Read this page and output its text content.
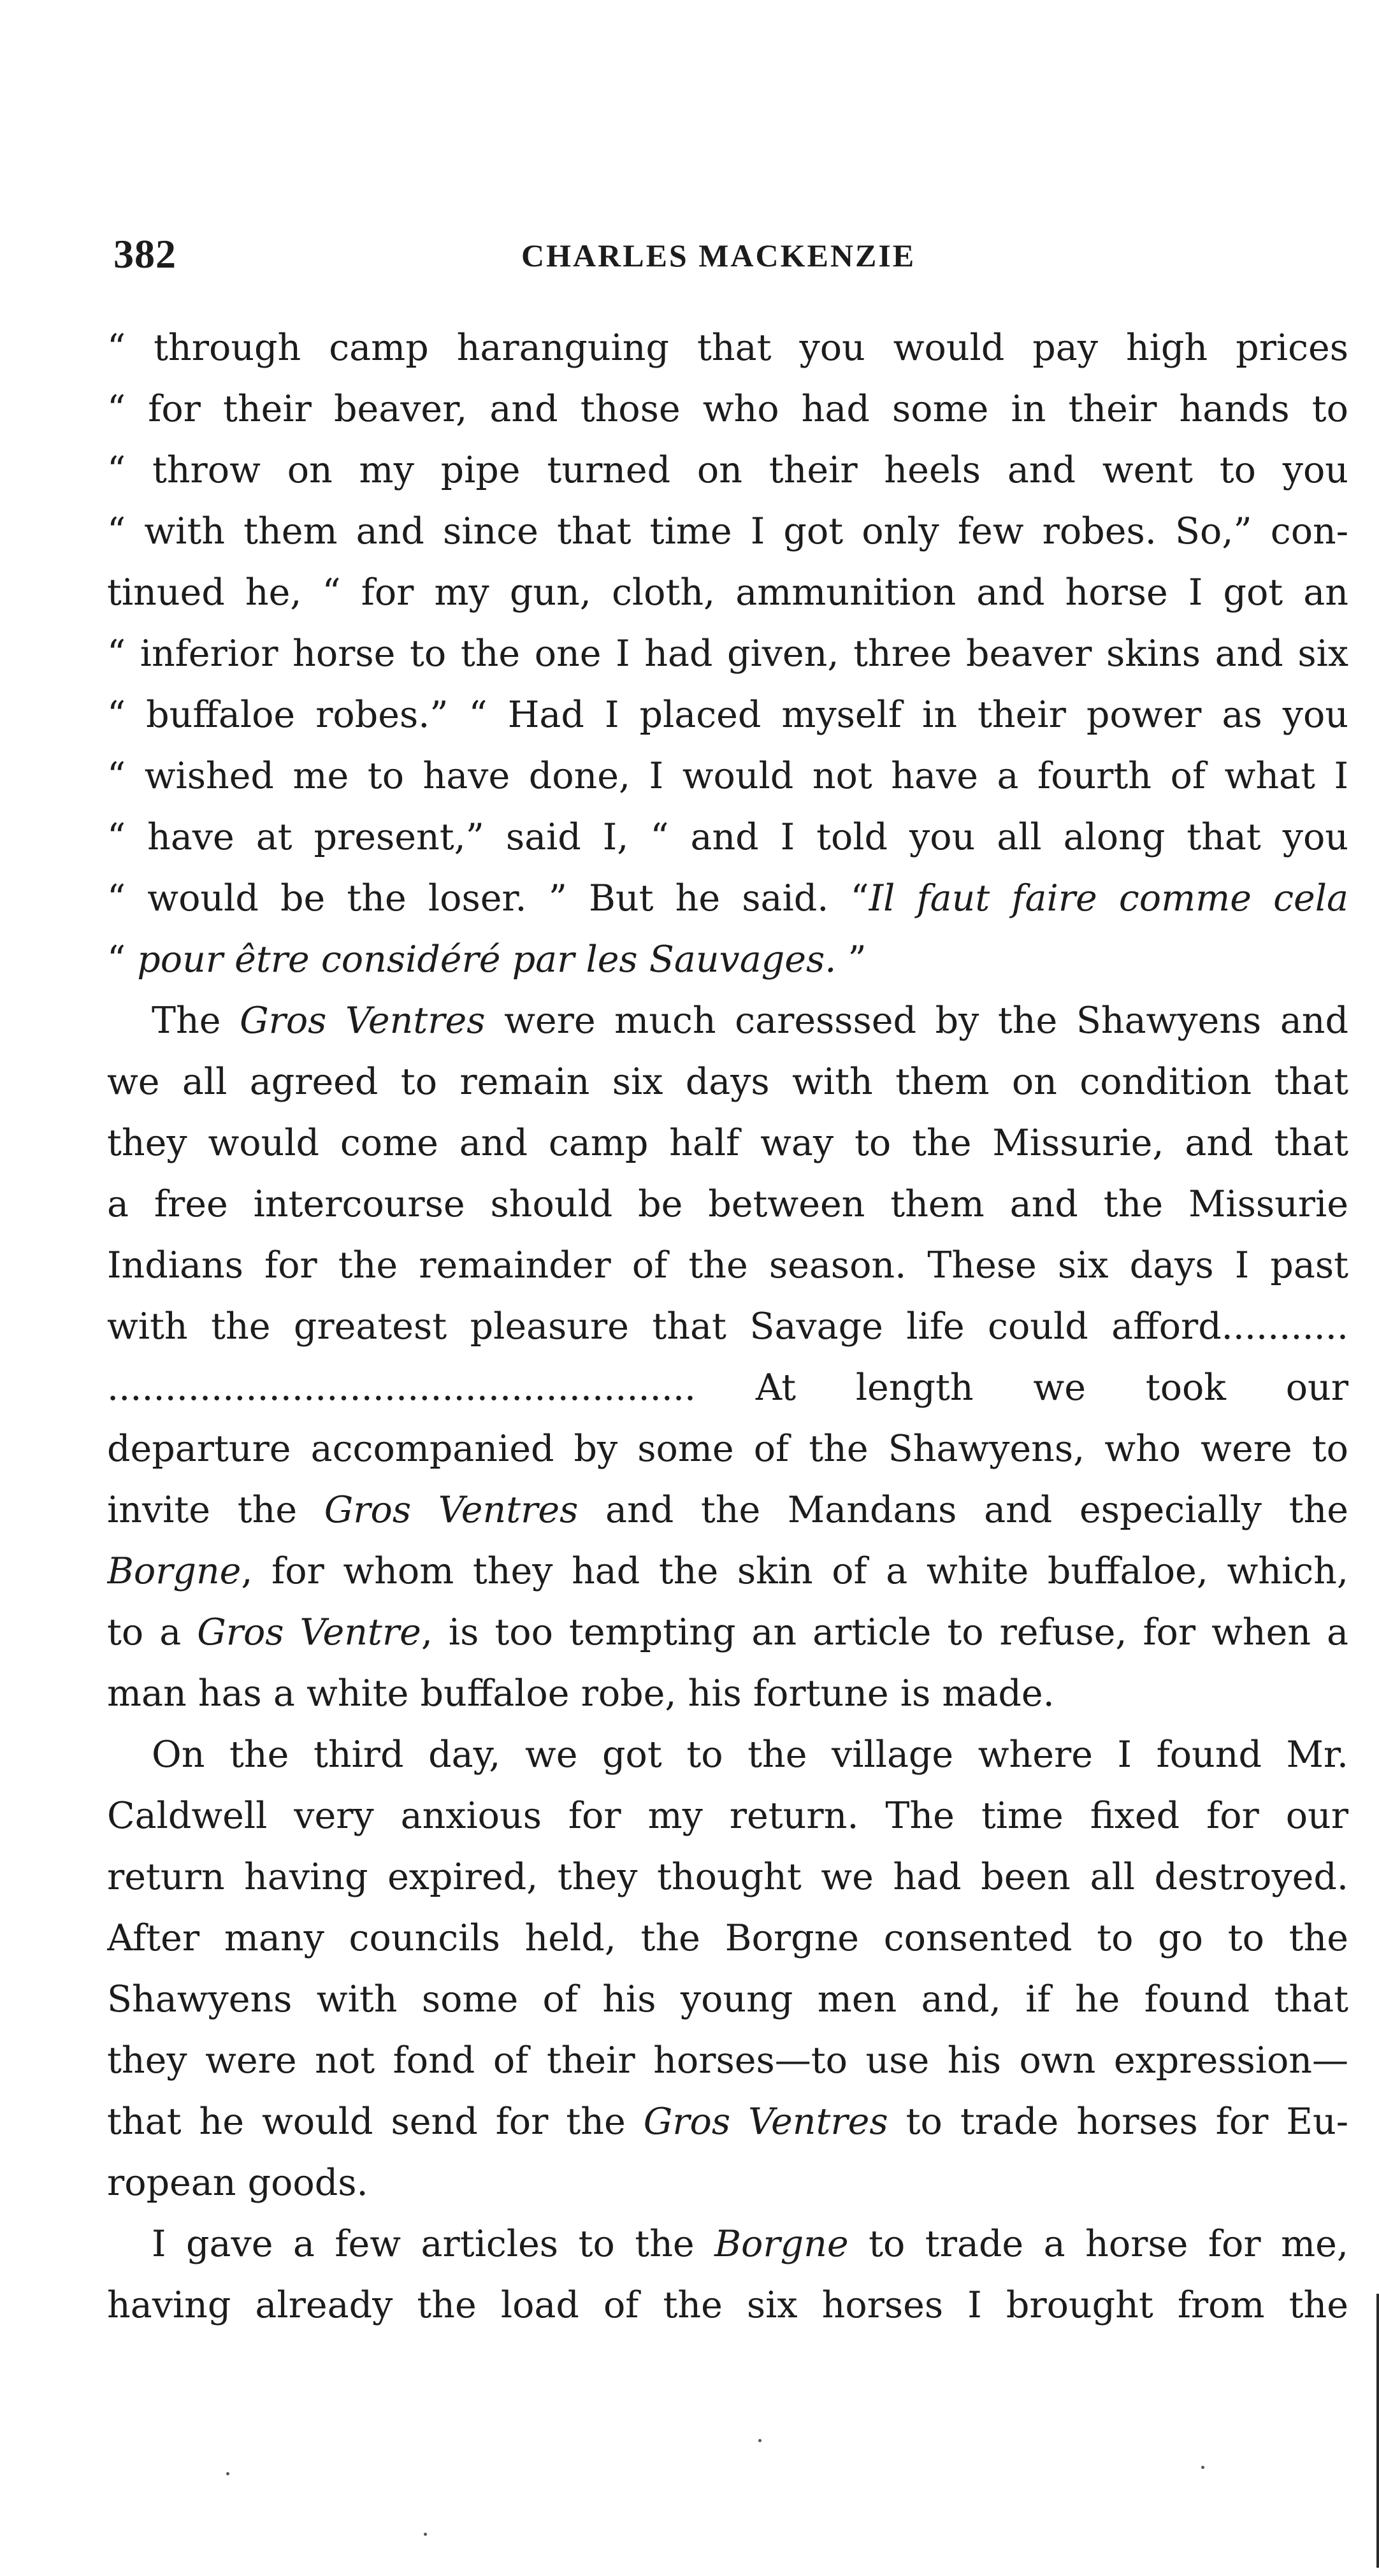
382	CHARLES MACKENZIE
“ through camp haranguing that you would pay high prices
“ for their beaver, and those who had some in their hands to
“ throw on my pipe turned on their heels and went to you
“ with them and since that time I got only few robes. So,” con-
tinued he, “ for my gun, cloth, ammunition and horse I got an
“ inferior horse to the one I had given, three beaver skins and six
“ buffaloe robes.” “ Had I placed myself in their power as you
“ wished me to have done, I would not have a fourth of what I
“ have at present,” said I, “ and I told you all along that you
“ would be the loser. ” But he said. “Il faut faire comme cela
“ pour être considéré par les Sauvages. ”
The Gros Ventres were much caresssed by the Shawyens and
we all agreed to remain six days with them on condition that
they would come and camp half way to the Missurie, and that
a free intercourse should be between them and the Missurie
Indians for the remainder of the season. These six days I past
with the greatest pleasure that Savage life could afford...........
................................................... At length we took our
departure accompanied by some of the Shawyens, who were to
invite the Gros Ventres and the Mandans and especially the
Borgne, for whom they had the skin of a white buffaloe, which,
to a Gros Ventre, is too tempting an article to refuse, for when a
man has a white buffaloe robe, his fortune is made.
On the third day, we got to the village where I found Mr.
Caldwell very anxious for my return. The time fixed for our
return having expired, they thought we had been all destroyed.
After many councils held, the Borgne consented to go to the
Shawyens with some of his young men and, if he found that
they were not fond of their horses—to use his own expression—
that he would send for the Gros Ventres to trade horses for Eu-
ropean goods.
I gave a few articles to the Borgne to trade a horse for me,
having already the load of the six horses I brought from the
